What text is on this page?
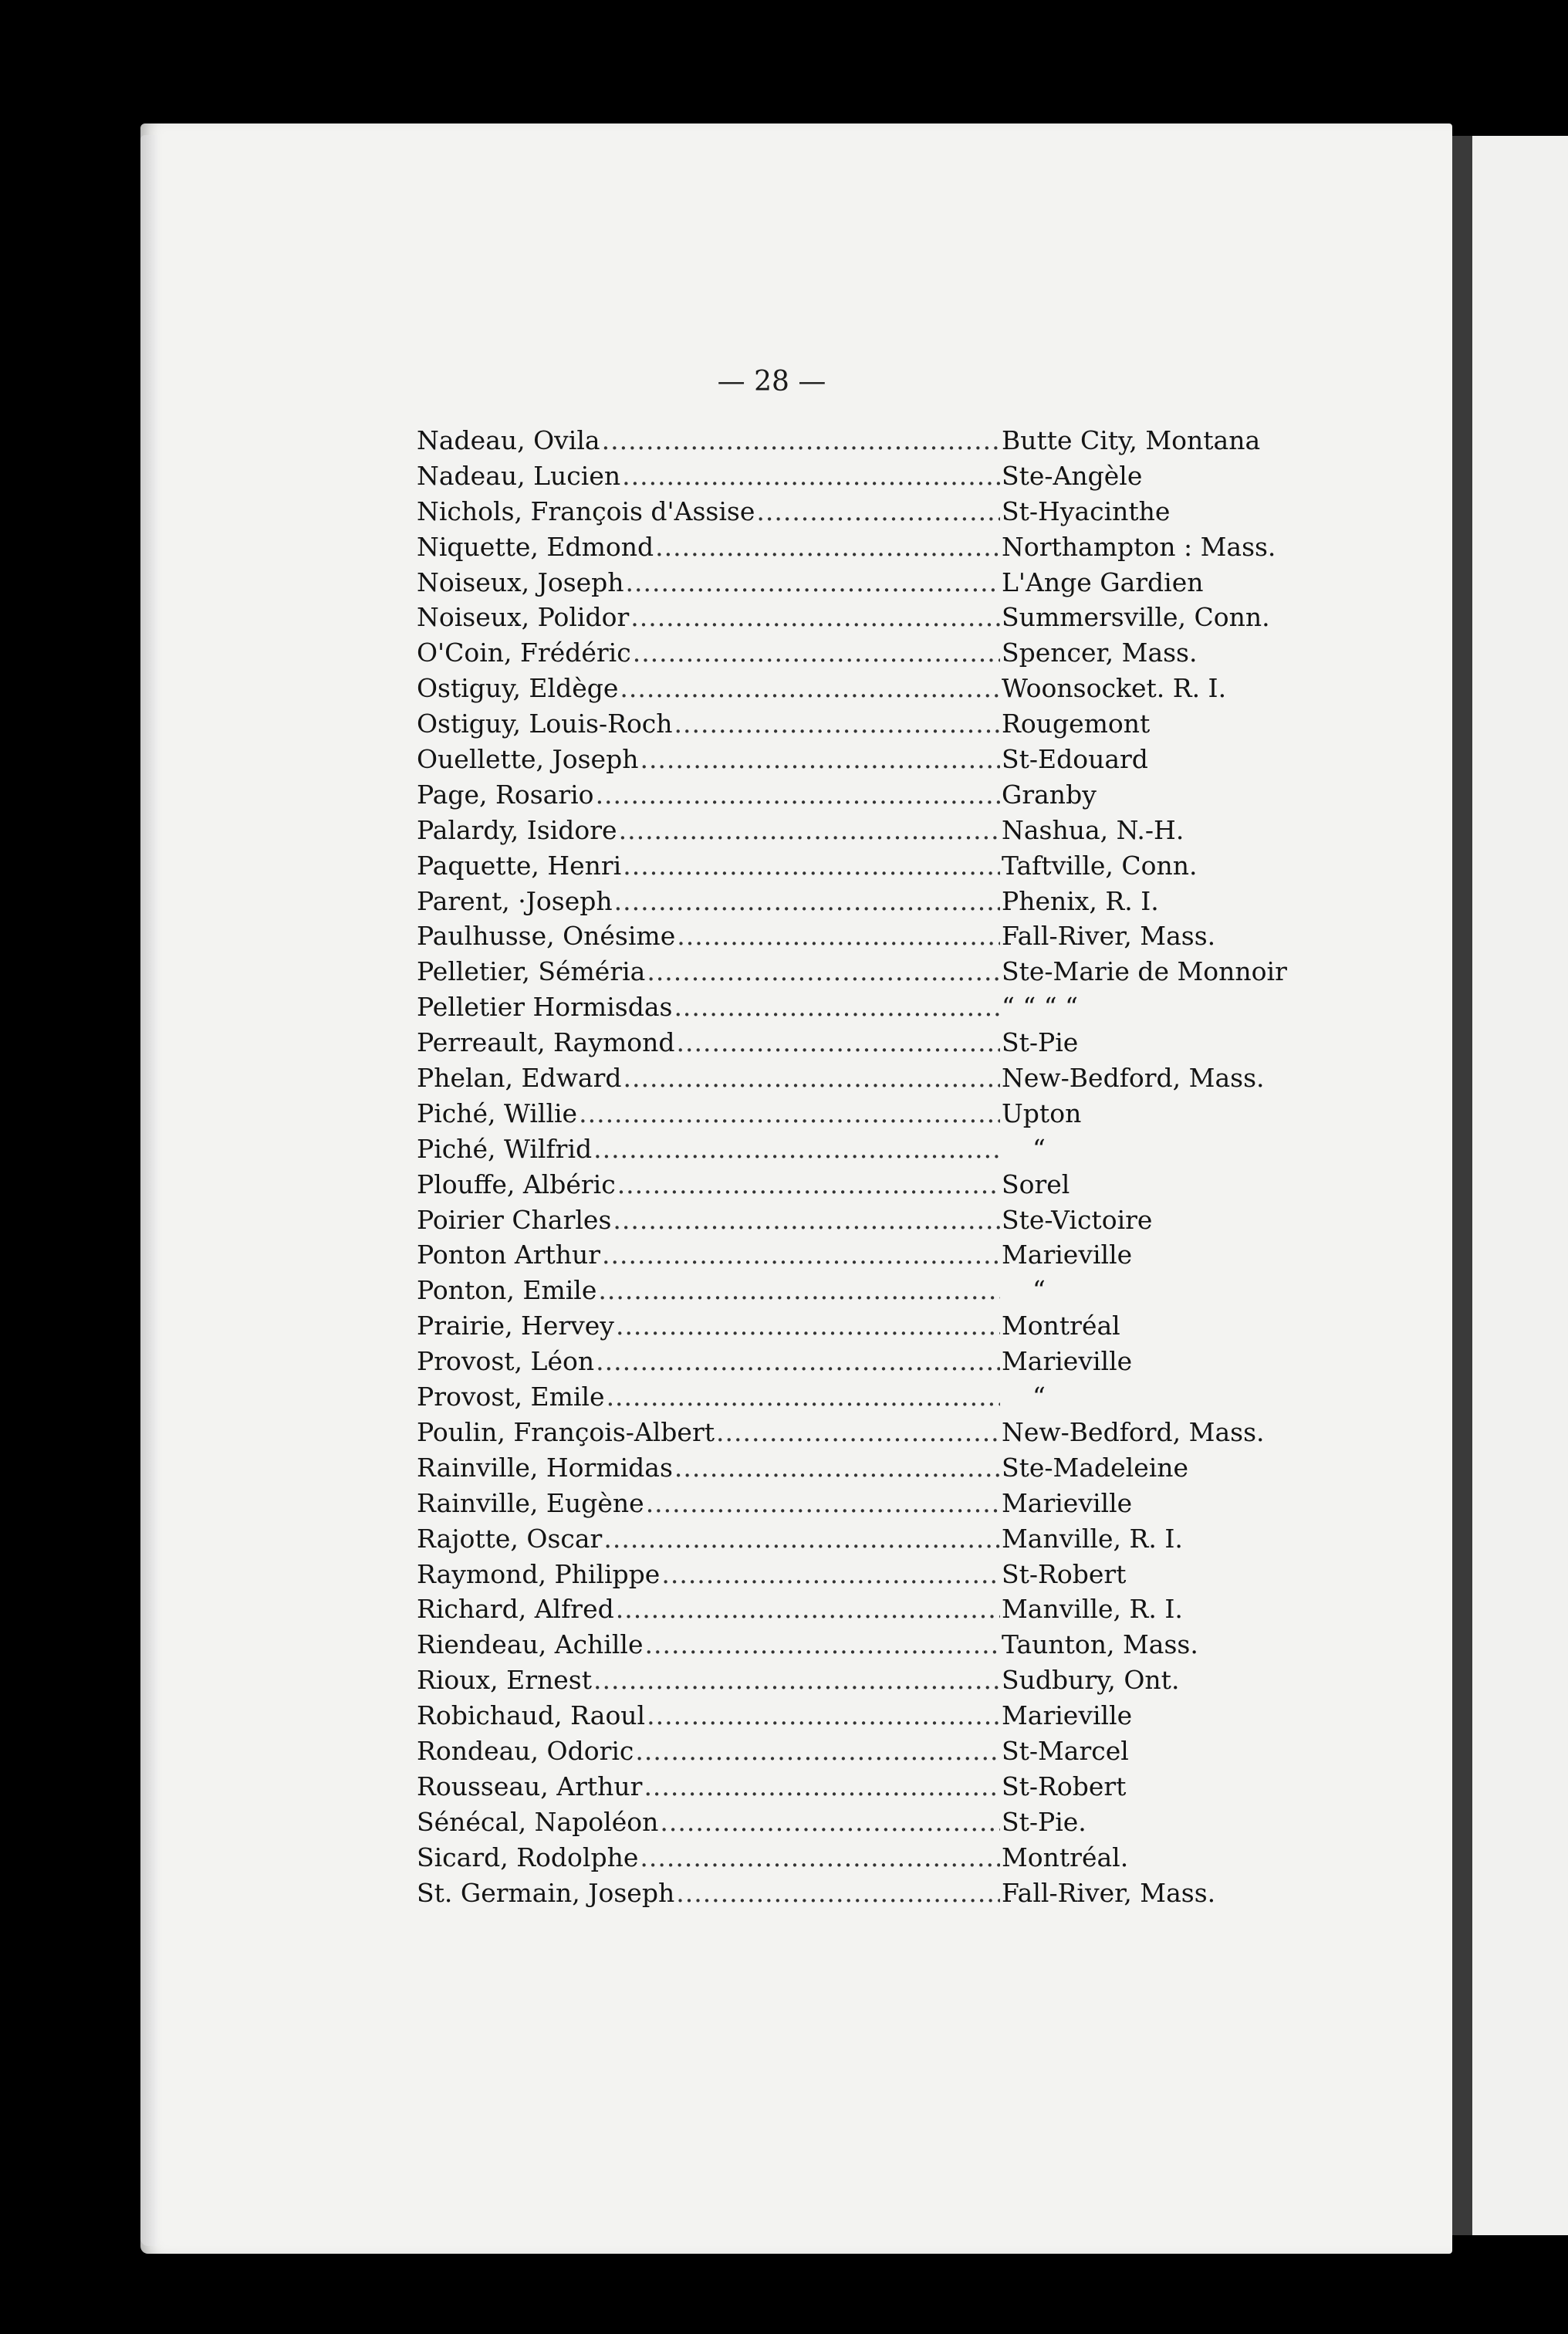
— 28 —
Nadeau, Ovila .....	Butte City, Montana
Nadeau, Lucien .....	Ste-Angèle
Nichols, François d'Assise .....	St-Hyacinthe
Niquette, Edmond .....	Northampton : Mass.
Noiseux, Joseph .....	L'Ange Gardien
Noiseux, Polidor .....	Summersville, Conn.
O'Coin, Frédéric .....	Spencer, Mass.
Ostiguy, Eldège .....	Woonsocket. R. I.
Ostiguy, Louis-Roch .....	Rougemont
Ouellette, Joseph .....	St-Edouard
Page, Rosario .....	Granby
Palardy, Isidore .....	Nashua, N.-H.
Paquette, Henri .....	Taftville, Conn.
Parent, ·Joseph .....	Phenix, R. I.
Paulhusse, Onésime .....	Fall-River, Mass.
Pelletier, Séméria .....	Ste-Marie de Monnoir
Pelletier Hormisdas .....	“ “ “ “
Perreault, Raymond .....	St-Pie
Phelan, Edward .....	New-Bedford, Mass.
Piché, Willie .....	Upton
Piché, Wilfrid .....	“
Plouffe, Albéric .....	Sorel
Poirier Charles .....	Ste-Victoire
Ponton Arthur .....	Marieville
Ponton, Emile .....	“
Prairie, Hervey .....	Montréal
Provost, Léon .....	Marieville
Provost, Emile .....	“
Poulin, François-Albert .....	New-Bedford, Mass.
Rainville, Hormidas .....	Ste-Madeleine
Rainville, Eugène .....	Marieville
Rajotte, Oscar .....	Manville, R. I.
Raymond, Philippe .....	St-Robert
Richard, Alfred .....	Manville, R. I.
Riendeau, Achille .....	Taunton, Mass.
Rioux, Ernest .....	Sudbury, Ont.
Robichaud, Raoul .....	Marieville
Rondeau, Odoric .....	St-Marcel
Rousseau, Arthur .....	St-Robert
Sénécal, Napoléon .....	St-Pie.
Sicard, Rodolphe .....	Montréal.
St. Germain, Joseph .....	Fall-River, Mass.
